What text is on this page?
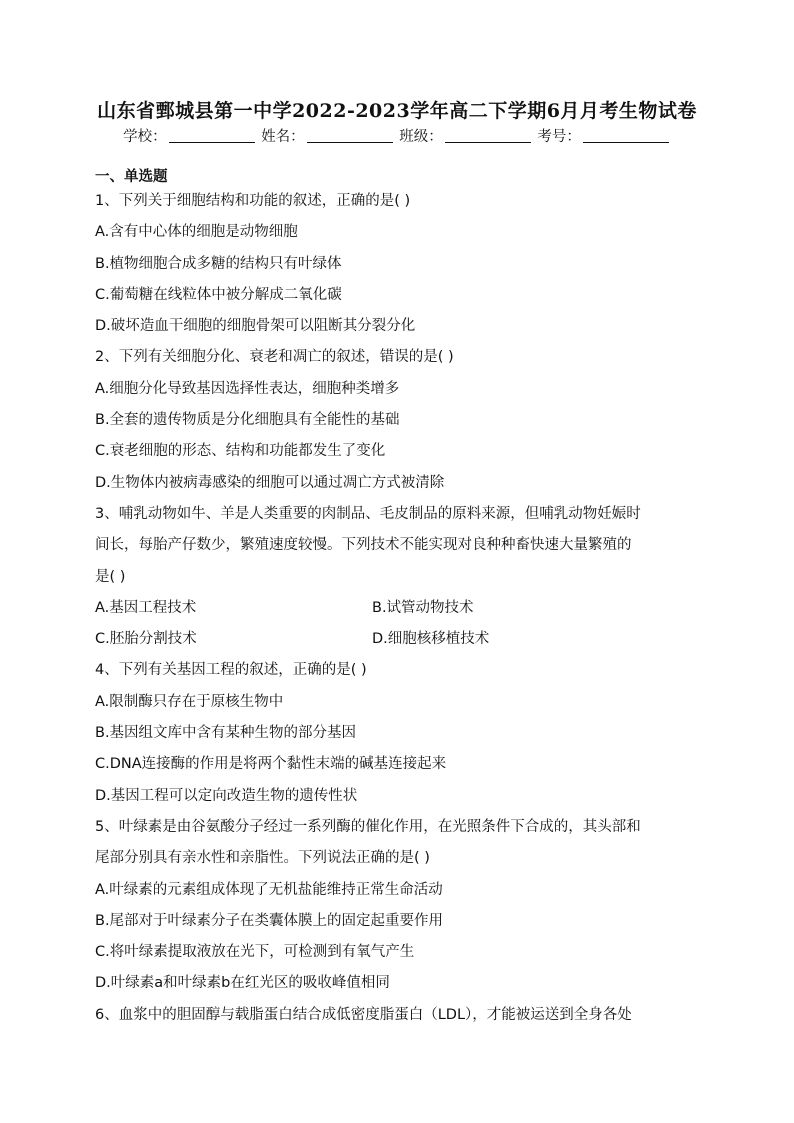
山东省鄄城县第一中学2022-2023学年高二下学期6月月考生物试卷
学校：	姓名：	班级：	考号：
一、单选题

1、下列关于细胞结构和功能的叙述，正确的是( )

A.含有中心体的细胞是动物细胞

B.植物细胞合成多糖的结构只有叶绿体

C.葡萄糖在线粒体中被分解成二氧化碳

D.破坏造血干细胞的细胞骨架可以阻断其分裂分化

2、下列有关细胞分化、衰老和凋亡的叙述，错误的是( )

A.细胞分化导致基因选择性表达，细胞种类增多

B.全套的遗传物质是分化细胞具有全能性的基础

C.衰老细胞的形态、结构和功能都发生了变化

D.生物体内被病毒感染的细胞可以通过凋亡方式被清除

3、哺乳动物如牛、羊是人类重要的肉制品、毛皮制品的原料来源，但哺乳动物妊娠时

间长，每胎产仔数少，繁殖速度较慢。下列技术不能实现对良种种畜快速大量繁殖的

是( )

A.基因工程技术	B.试管动物技术
C.胚胎分割技术	D.细胞核移植技术

4、下列有关基因工程的叙述，正确的是( )

A.限制酶只存在于原核生物中

B.基因组文库中含有某种生物的部分基因

C.DNA连接酶的作用是将两个黏性末端的碱基连接起来

D.基因工程可以定向改造生物的遗传性状

5、叶绿素是由谷氨酸分子经过一系列酶的催化作用，在光照条件下合成的，其头部和

尾部分别具有亲水性和亲脂性。下列说法正确的是( )

A.叶绿素的元素组成体现了无机盐能维持正常生命活动

B.尾部对于叶绿素分子在类囊体膜上的固定起重要作用

C.将叶绿素提取液放在光下，可检测到有氧气产生

D.叶绿素a和叶绿素b在红光区的吸收峰值相同

6、血浆中的胆固醇与载脂蛋白结合成低密度脂蛋白（LDL），才能被运送到全身各处
